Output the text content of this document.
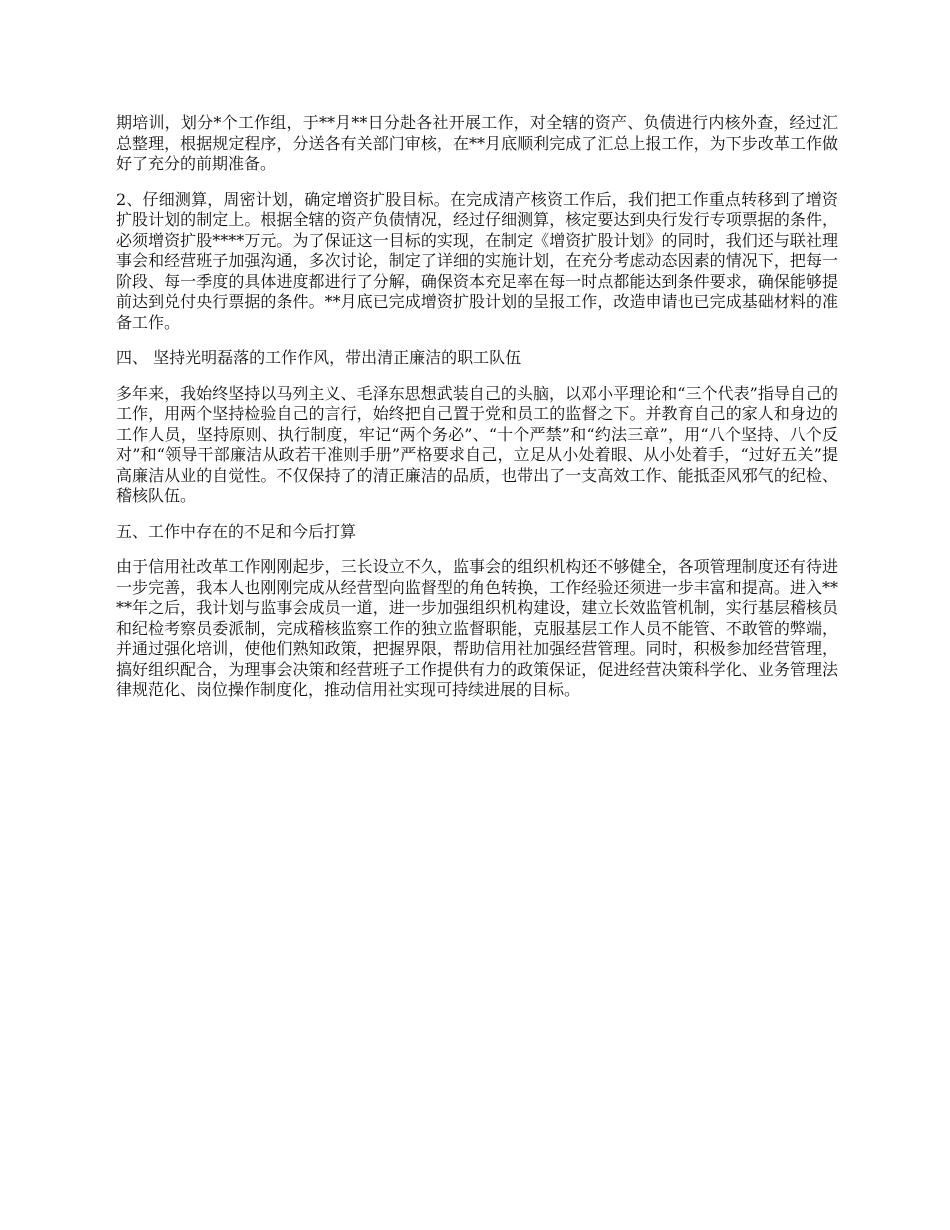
期培训，划分*个工作组，于**月**日分赴各社开展工作，对全辖的资产、负债进行内核外查，经过汇总整理，根据规定程序，分送各有关部门审核，在**月底顺利完成了汇总上报工作，为下步改革工作做好了充分的前期准备。

2、仔细测算，周密计划，确定增资扩股目标。在完成清产核资工作后，我们把工作重点转移到了增资扩股计划的制定上。根据全辖的资产负债情况，经过仔细测算，核定要达到央行发行专项票据的条件，必须增资扩股****万元。为了保证这一目标的实现，在制定《增资扩股计划》的同时，我们还与联社理事会和经营班子加强沟通，多次讨论，制定了详细的实施计划，在充分考虑动态因素的情况下，把每一阶段、每一季度的具体进度都进行了分解，确保资本充足率在每一时点都能达到条件要求，确保能够提前达到兑付央行票据的条件。**月底已完成增资扩股计划的呈报工作，改造申请也已完成基础材料的准备工作。

四、 坚持光明磊落的工作作风，带出清正廉洁的职工队伍

多年来，我始终坚持以马列主义、毛泽东思想武装自己的头脑，以邓小平理论和“三个代表”指导自己的工作，用两个坚持检验自己的言行，始终把自己置于党和员工的监督之下。并教育自己的家人和身边的工作人员，坚持原则、执行制度，牢记“两个务必”、“十个严禁”和“约法三章”，用“八个坚持、八个反对”和“领导干部廉洁从政若干准则手册”严格要求自己，立足从小处着眼、从小处着手，“过好五关”提高廉洁从业的自觉性。不仅保持了的清正廉洁的品质，也带出了一支高效工作、能抵歪风邪气的纪检、稽核队伍。

五、工作中存在的不足和今后打算

由于信用社改革工作刚刚起步，三长设立不久，监事会的组织机构还不够健全，各项管理制度还有待进一步完善，我本人也刚刚完成从经营型向监督型的角色转换，工作经验还须进一步丰富和提高。进入****年之后，我计划与监事会成员一道，进一步加强组织机构建设，建立长效监管机制，实行基层稽核员和纪检考察员委派制，完成稽核监察工作的独立监督职能，克服基层工作人员不能管、不敢管的弊端，并通过强化培训，使他们熟知政策，把握界限，帮助信用社加强经营管理。同时，积极参加经营管理，搞好组织配合，为理事会决策和经营班子工作提供有力的政策保证，促进经营决策科学化、业务管理法律规范化、岗位操作制度化，推动信用社实现可持续进展的目标。
